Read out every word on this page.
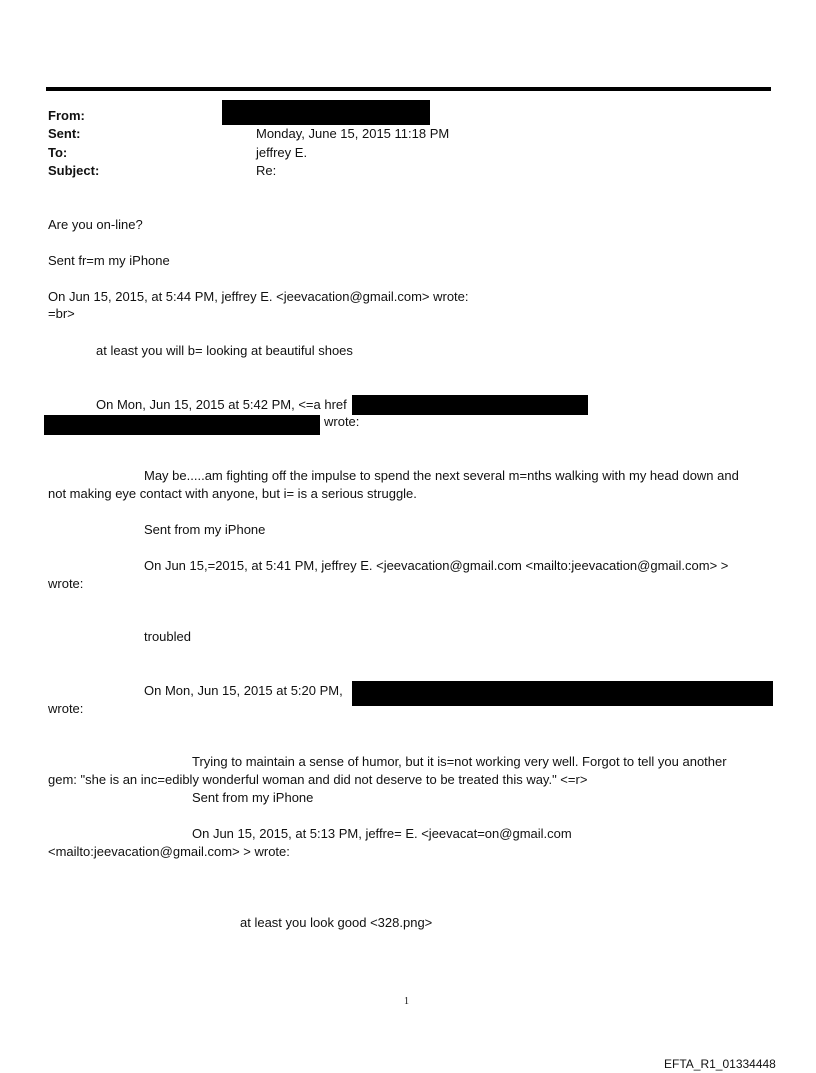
From:
Sent:	Monday, June 15, 2015 11:18 PM
To:	jeffrey E.
Subject:	Re:
Are you on-line?
Sent fr=m my iPhone
On Jun 15, 2015, at 5:44 PM, jeffrey E. <jeevacation@gmail.com> wrote:
=br>
at least you will b= looking at beautiful shoes
On Mon, Jun 15, 2015 at 5:42 PM, <=a href
wrote:
May be.....am fighting off the impulse to spend the next several m=nths walking with my head down and
not making eye contact with anyone, but i= is a serious struggle.
Sent from my iPhone
On Jun 15,=2015, at 5:41 PM, jeffrey E. <jeevacation@gmail.com <mailto:jeevacation@gmail.com> >
wrote:
troubled
On Mon, Jun 15, 2015 at 5:20 PM,
wrote:
Trying to maintain a sense of humor, but it is=not working very well. Forgot to tell you another
gem: "she is an inc=edibly wonderful woman and did not deserve to be treated this way." <=r>
Sent from my iPhone
On Jun 15, 2015, at 5:13 PM, jeffre= E. <jeevacat=on@gmail.com
<mailto:jeevacation@gmail.com> > wrote:
at least you look good <328.png>
1
EFTA_R1_01334448
